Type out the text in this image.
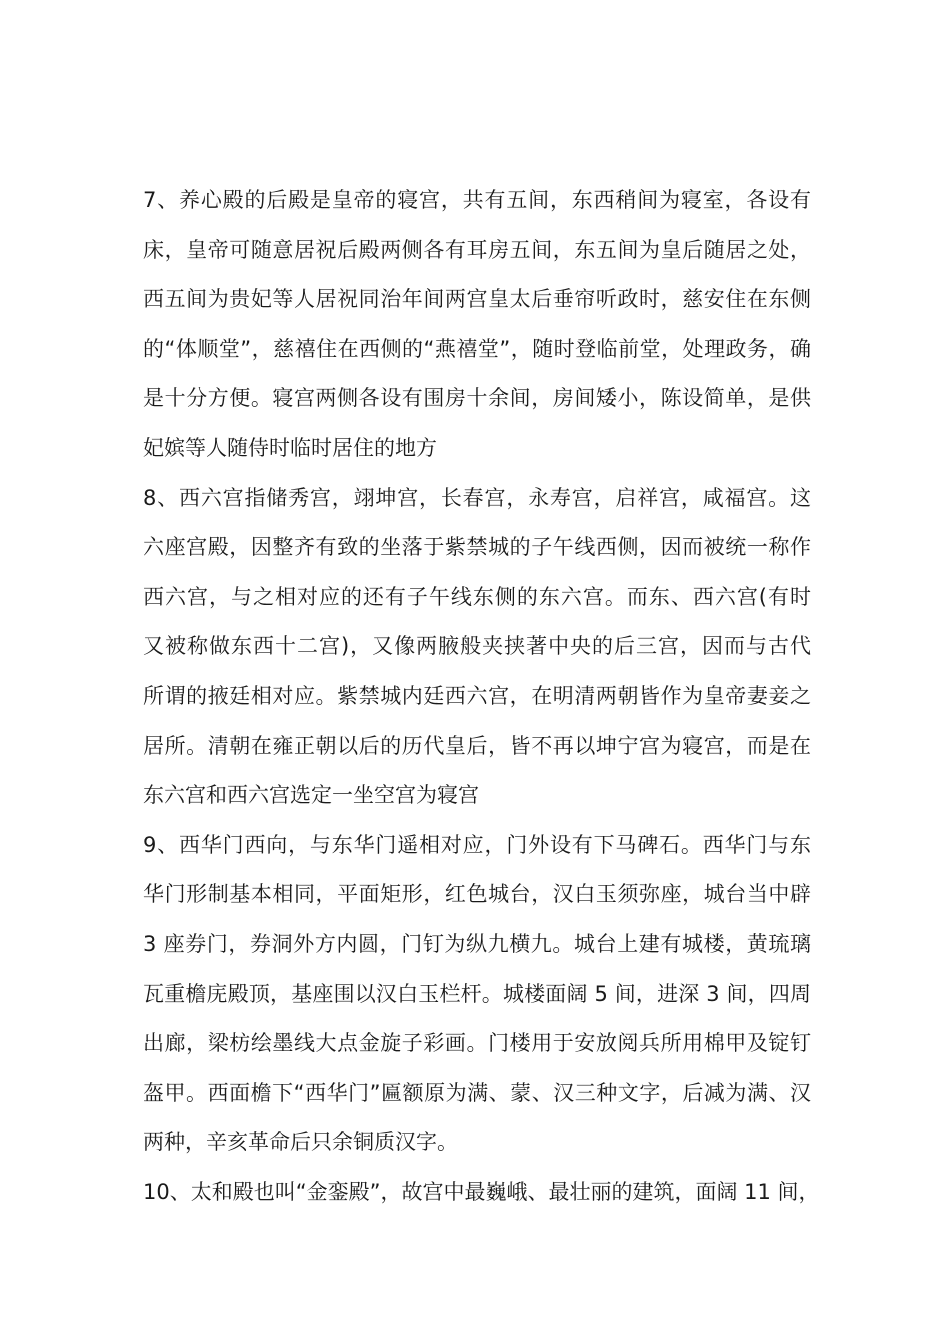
7、养心殿的后殿是皇帝的寝宫，共有五间，东西稍间为寝室，各设有
床，皇帝可随意居祝后殿两侧各有耳房五间，东五间为皇后随居之处，
西五间为贵妃等人居祝同治年间两宫皇太后垂帘听政时，慈安住在东侧
的“体顺堂”，慈禧住在西侧的“燕禧堂”，随时登临前堂，处理政务，确
是十分方便。寝宫两侧各设有围房十余间，房间矮小，陈设简单，是供
妃嫔等人随侍时临时居住的地方
8、西六宫指储秀宫，翊坤宫，长春宫，永寿宫，启祥宫，咸福宫。这
六座宫殿，因整齐有致的坐落于紫禁城的子午线西侧，因而被统一称作
西六宫，与之相对应的还有子午线东侧的东六宫。而东、西六宫(有时
又被称做东西十二宫)，又像两腋般夹挟著中央的后三宫，因而与古代
所谓的掖廷相对应。紫禁城内廷西六宫，在明清两朝皆作为皇帝妻妾之
居所。清朝在雍正朝以后的历代皇后，皆不再以坤宁宫为寝宫，而是在
东六宫和西六宫选定一坐空宫为寝宫
9、西华门西向，与东华门遥相对应，门外设有下马碑石。西华门与东
华门形制基本相同，平面矩形，红色城台，汉白玉须弥座，城台当中辟
3 座券门，券洞外方内圆，门钉为纵九横九。城台上建有城楼，黄琉璃
瓦重檐庑殿顶，基座围以汉白玉栏杆。城楼面阔 5 间，进深 3 间，四周
出廊，梁枋绘墨线大点金旋子彩画。门楼用于安放阅兵所用棉甲及锭钉
盔甲。西面檐下“西华门”匾额原为满、蒙、汉三种文字，后减为满、汉
两种，辛亥革命后只余铜质汉字。
10、太和殿也叫“金銮殿”，故宫中最巍峨、最壮丽的建筑，面阔 11 间，
